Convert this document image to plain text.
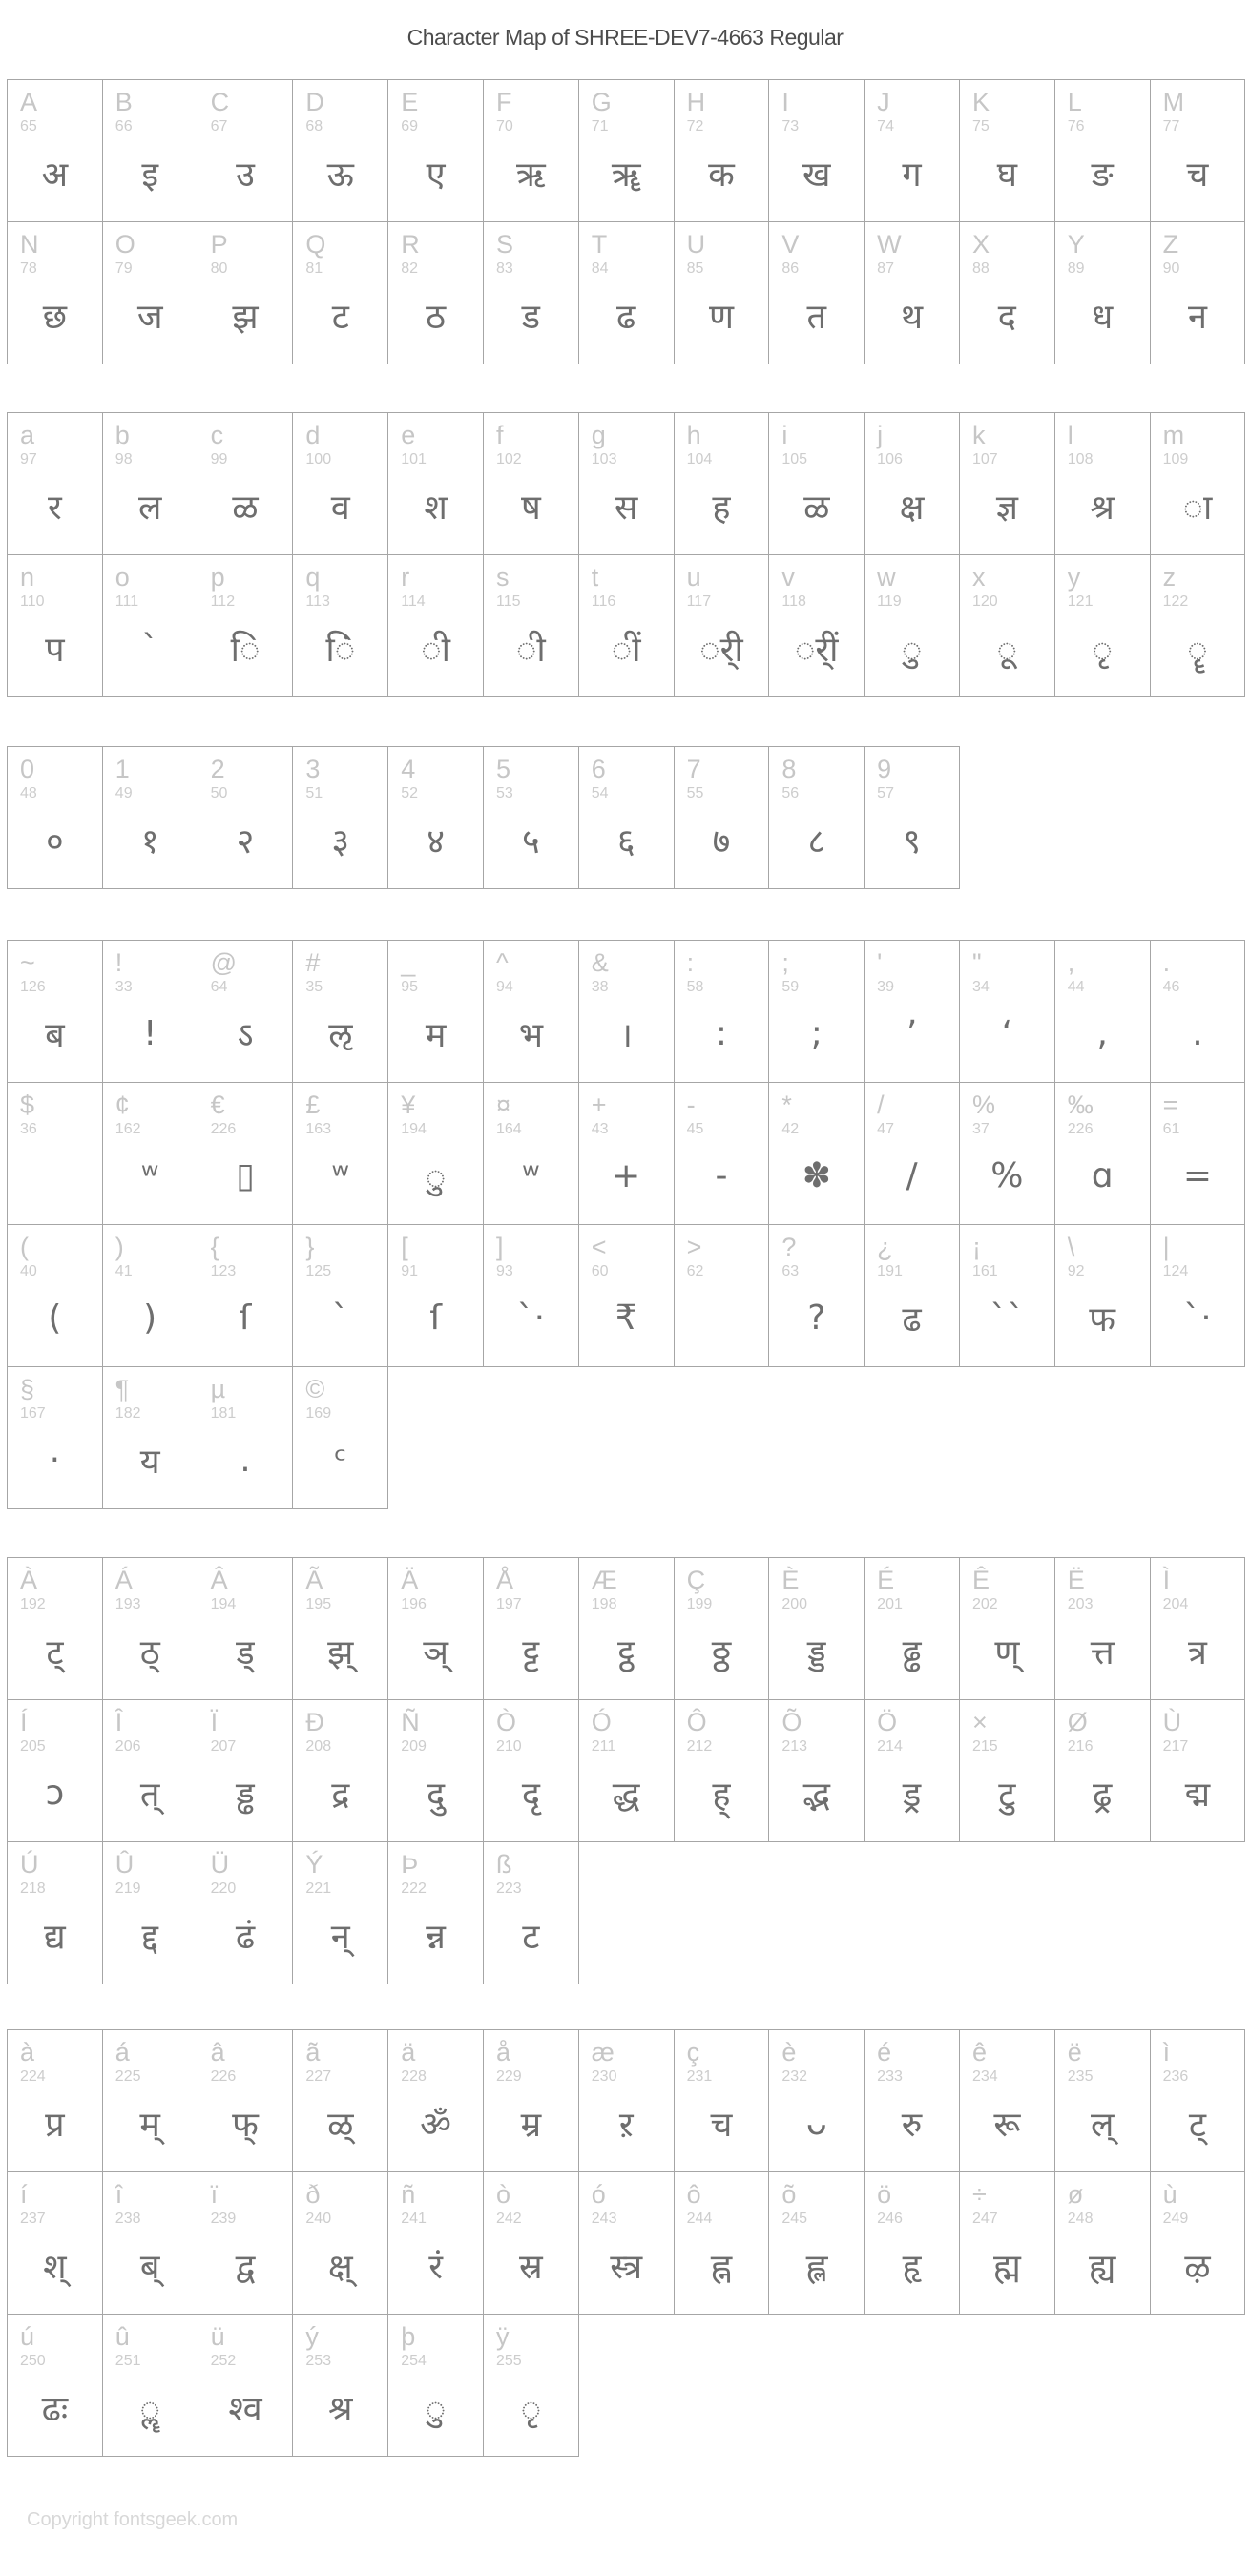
Character Map of SHREE-DEV7-4663 Regular
A
65
अ
B
66
इ
C
67
उ
D
68
ऊ
E
69
ए
F
70
ऋ
G
71
ॠ
H
72
क
I
73
ख
J
74
ग
K
75
घ
L
76
ङ
M
77
च
N
78
छ
O
79
ज
P
80
झ
Q
81
ट
R
82
ठ
S
83
ड
T
84
ढ
U
85
ण
V
86
त
W
87
थ
X
88
द
Y
89
ध
Z
90
न
a
97
र
b
98
ल
c
99
ळ
d
100
व
e
101
श
f
102
ष
g
103
स
h
104
ह
i
105
ळ
j
106
क्ष
k
107
ज्ञ
l
108
श्र
m
109
ा
n
110
प
o
111
ˋ
p
112
ि
q
113
िं
r
114
ी
s
115
ी
t
116
ीं
u
117
र्ी
v
118
र्ीं
w
119
ु
x
120
ू
y
121
ृ
z
122
ॄ
0
48
०
1
49
१
2
50
२
3
51
३
4
52
४
5
53
५
6
54
६
7
55
७
8
56
८
9
57
९
~
126
ब
!
33
!
@
64
ऽ
#
35
ऌ
_
95
म
^
94
भ
&
38
।
:
58
:
;
59
;
'
39
’
"
34
‘
,
44
,
.
46
.
$
36
¢
162
ʷ
€
226
▯
£
163
ʷ
¥
194
ु
¤
164
ʷ
+
43
+
-
45
-
*
42
✽
/
47
/
%
37
%
‰
226
ɑ
=
61
=
(
40
(
)
41
)
{
123
ſ
}
125
ˋ
[
91
ſ
]
93
ˋ·
<
60
₹
>
62
?
63
?
¿
191
ढ
¡
161
ˋˋ
\
92
फ
|
124
ˋ·
§
167
·
¶
182
य
µ
181
.
©
169
ᶜ
À
192
ट्
Á
193
ठ्
Â
194
ड्
Ã
195
झ्
Ä
196
ञ्
Å
197
ट्ट
Æ
198
ट्ठ
Ç
199
ठ्ठ
È
200
ड्ड
É
201
ढ्ढ
Ê
202
ण्
Ë
203
त्त
Ì
204
त्र
Í
205
ɔ
Î
206
त्
Ï
207
ड्ढ
Ð
208
द्र
Ñ
209
दु
Ò
210
दृ
Ó
211
द्ध
Ô
212
ह्
Õ
213
द्भ
Ö
214
ड्र
×
215
टु
Ø
216
ढ्र
Ù
217
द्म
Ú
218
द्य
Û
219
द्द
Ü
220
ढं
Ý
221
न्
Þ
222
न्न
ß
223
ट
à
224
प्र
á
225
म्
â
226
फ्
ã
227
ळ्
ä
228
ॐ
å
229
म्र
æ
230
ऱ
ç
231
च
è
232
ᴗ
é
233
रु
ê
234
रू
ë
235
ल्
ì
236
ट्
í
237
श्
î
238
ब्
ï
239
द्व
ð
240
क्ष्
ñ
241
रं
ò
242
स्र
ó
243
स्त्र
ô
244
ह्न
õ
245
ह्ल
ö
246
हृ
÷
247
ह्म
ø
248
ह्य
ù
249
ऴ
ú
250
ढः
û
251
ॣ
ü
252
श्व
ý
253
श्र
þ
254
ु
ÿ
255
ृ
Copyright fontsgeek.com
